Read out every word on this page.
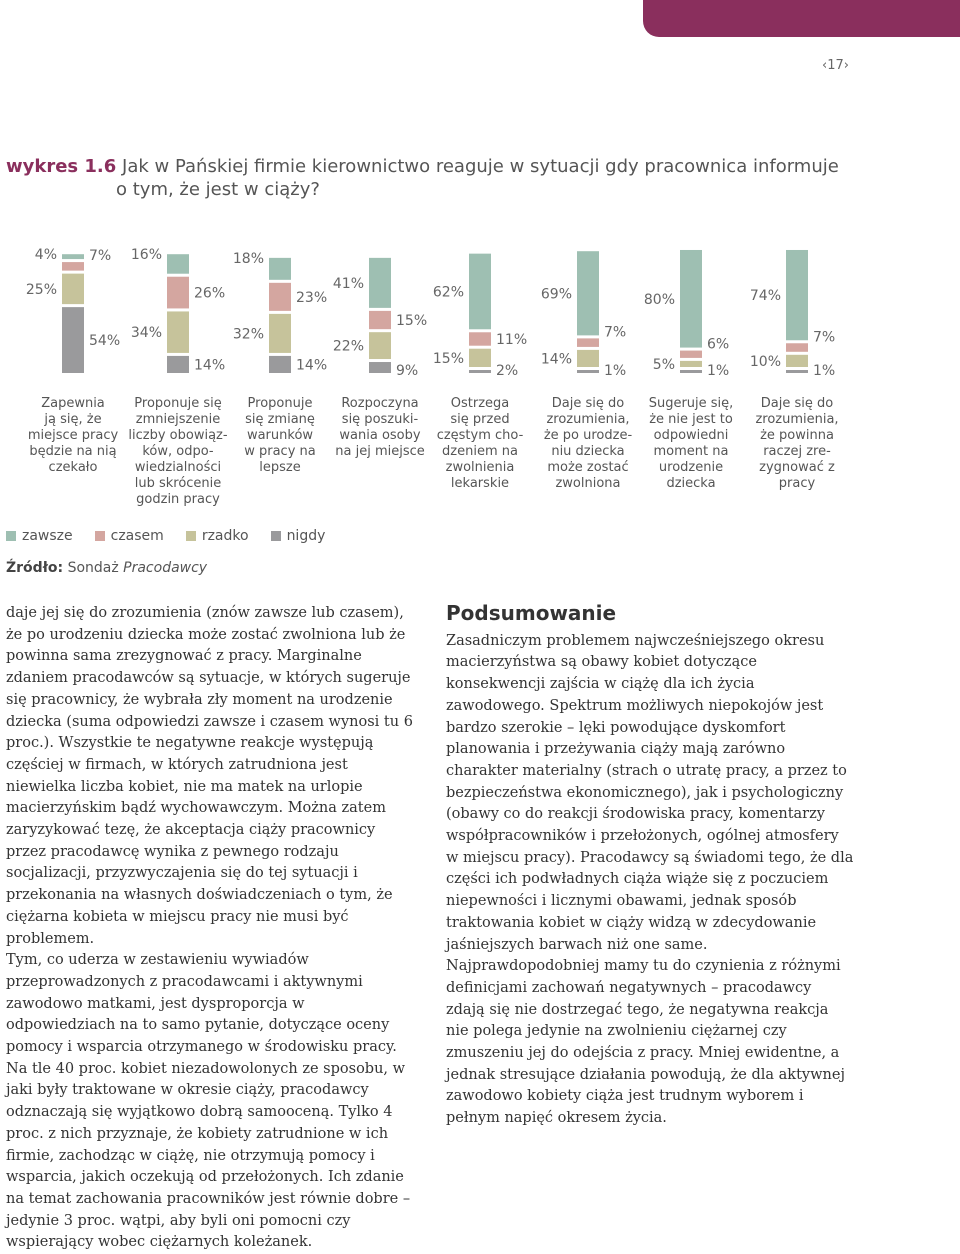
‹17›
wykres 1.6 Jak w Pańskiej firmie kierownictwo reaguje w sytuacji gdy pracownica informuje
o tym, że jest w ciąży?
54%
25%
7%
4%
14%
34%
26%
16%
14%
32%
23%
18%
9%
22%
15%
41%
2%
15%
11%
62%
1%
14%
7%
69%
1%
5%
6%
80%
1%
10%
7%
74%
Zapewnia
ją się, że
miejsce pracy
będzie na nią
czekało
Proponuje się
zmniejszenie
liczby obowiąz-
ków, odpo-
wiedzialności
lub skrócenie
godzin pracy
Proponuje
się zmianę
warunków
w pracy na
lepsze
Rozpoczyna
się poszuki-
wania osoby
na jej miejsce
Ostrzega
się przed
częstym cho-
dzeniem na
zwolnienia
lekarskie
Daje się do
zrozumienia,
że po urodze-
niu dziecka
może zostać
zwolniona
Sugeruje się,
że nie jest to
odpowiedni
moment na
urodzenie
dziecka
Daje się do
zrozumienia,
że powinna
raczej zre-
zygnować z
pracy
zawsze	czasem	rzadko	nigdy
Źródło: Sondaż Pracodawcy

daje jej się do zrozumienia (znów zawsze lub czasem), że po urodzeniu dziecka może zostać zwolniona lub że powinna sama zrezygnować z pracy. Marginalne zdaniem pracodawców są sytuacje, w których sugeruje się pracownicy, że wybrała zły moment na urodzenie dziecka (suma odpowiedzi zawsze i czasem wynosi tu 6 proc.). Wszystkie te negatywne reakcje występują częściej w firmach, w których zatrudniona jest niewielka liczba kobiet, nie ma matek na urlopie macierzyńskim bądź wychowawczym. Można zatem zaryzykować tezę, że akceptacja ciąży pracownicy przez pracodawcę wynika z pewnego rodzaju socjalizacji, przyzwyczajenia się do tej sytuacji i przekonania na własnych doświadczeniach o tym, że ciężarna kobieta w miejscu pracy nie musi być problemem.

Tym, co uderza w zestawieniu wywiadów przeprowadzonych z pracodawcami i aktywnymi zawodowo matkami, jest dysproporcja w odpowiedziach na to samo pytanie, dotyczące oceny pomocy i wsparcia otrzymanego w środowisku pracy. Na tle 40 proc. kobiet niezadowolonych ze sposobu, w jaki były traktowane w okresie ciąży, pracodawcy odznaczają się wyjątkowo dobrą samooceną. Tylko 4 proc. z nich przyznaje, że kobiety zatrudnione w ich firmie, zachodząc w ciążę, nie otrzymują pomocy i wsparcia, jakich oczekują od przełożonych. Ich zdanie na temat zachowania pracowników jest równie dobre – jedynie 3 proc. wątpi, aby byli oni pomocni czy wspierający wobec ciężarnych koleżanek.

Podsumowanie

Zasadniczym problemem najwcześniejszego okresu macierzyństwa są obawy kobiet dotyczące konsekwencji zajścia w ciążę dla ich życia zawodowego. Spektrum możliwych niepokojów jest bardzo szerokie – lęki powodujące dyskomfort planowania i przeżywania ciąży mają zarówno charakter materialny (strach o utratę pracy, a przez to bezpieczeństwa ekonomicznego), jak i psychologiczny (obawy co do reakcji środowiska pracy, komentarzy współpracowników i przełożonych, ogólnej atmosfery w miejscu pracy). Pracodawcy są świadomi tego, że dla części ich podwładnych ciąża wiąże się z poczuciem niepewności i licznymi obawami, jednak sposób traktowania kobiet w ciąży widzą w zdecydowanie jaśniejszych barwach niż one same. Najprawdopodobniej mamy tu do czynienia z różnymi definicjami zachowań negatywnych – pracodawcy zdają się nie dostrzegać tego, że negatywna reakcja nie polega jedynie na zwolnieniu ciężarnej czy zmuszeniu jej do odejścia z pracy. Mniej ewidentne, a jednak stresujące działania powodują, że dla aktywnej zawodowo kobiety ciąża jest trudnym wyborem i pełnym napięć okresem życia.
